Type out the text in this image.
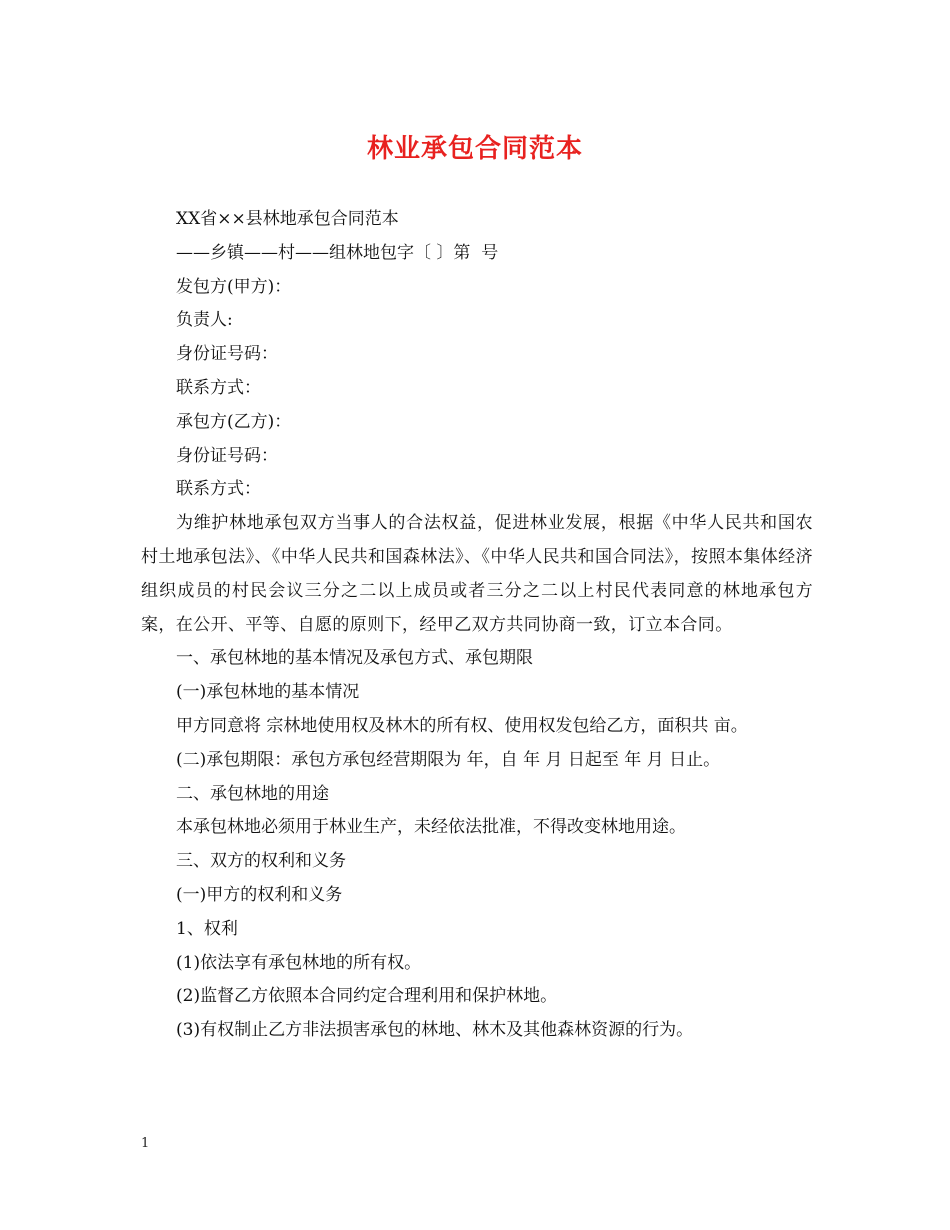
林业承包合同范本

XX省××县林地承包合同范本

——乡镇——村——组林地包字〔 〕第  号

发包方(甲方)：

负责人:

身份证号码：

联系方式：

承包方(乙方)：

身份证号码：

联系方式：

为维护林地承包双方当事人的合法权益，促进林业发展，根据《中华人民共和国农村土地承包法》、《中华人民共和国森林法》、《中华人民共和国合同法》，按照本集体经济组织成员的村民会议三分之二以上成员或者三分之二以上村民代表同意的林地承包方案，在公开、平等、自愿的原则下，经甲乙双方共同协商一致，订立本合同。

一、承包林地的基本情况及承包方式、承包期限

(一)承包林地的基本情况

甲方同意将 宗林地使用权及林木的所有权、使用权发包给乙方，面积共 亩。

(二)承包期限：承包方承包经营期限为 年，自 年 月 日起至 年 月 日止。

二、承包林地的用途

本承包林地必须用于林业生产，未经依法批准，不得改变林地用途。

三、双方的权利和义务

(一)甲方的权利和义务

1、权利

(1)依法享有承包林地的所有权。

(2)监督乙方依照本合同约定合理利用和保护林地。

(3)有权制止乙方非法损害承包的林地、林木及其他森林资源的行为。

1
